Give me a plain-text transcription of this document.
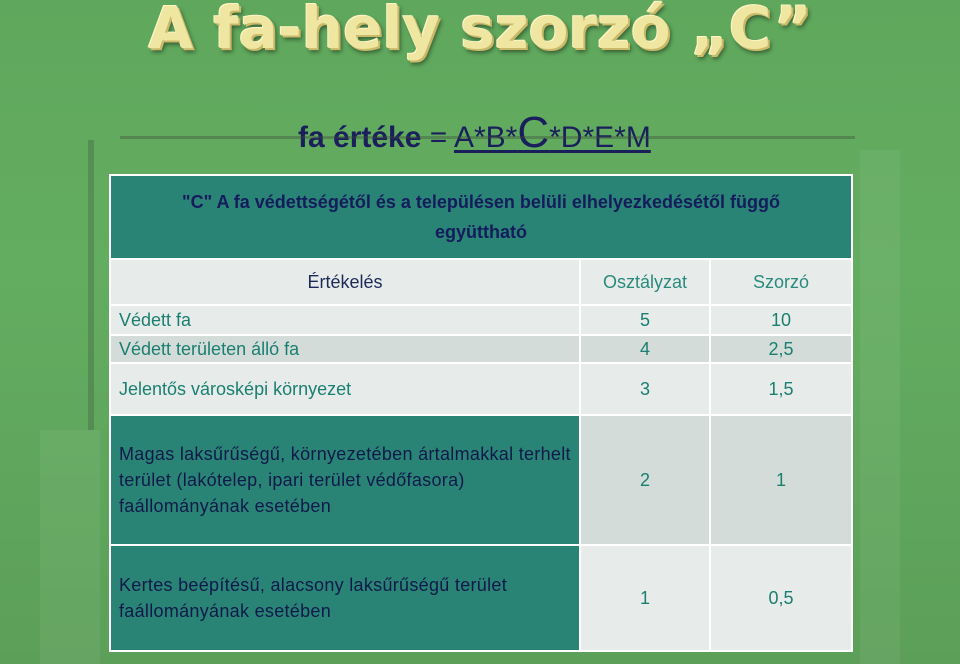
A fa-hely szorzó „C”
fa értéke = A*B*C*D*E*M
"C" A fa védettségétől és a településen belüli elhelyezkedésétől függő együttható		
Értékelés	Osztályzat	Szorzó
Védett fa	5	10
Védett területen álló fa	4	2,5
Jelentős városképi környezet	3	1,5
Magas laksűrűségű, környezetében ártalmakkal terhelt terület (lakótelep, ipari terület védőfasora) faállományának esetében	2	1
Kertes beépítésű, alacsony laksűrűségű terület faállományának esetében	1	0,5
